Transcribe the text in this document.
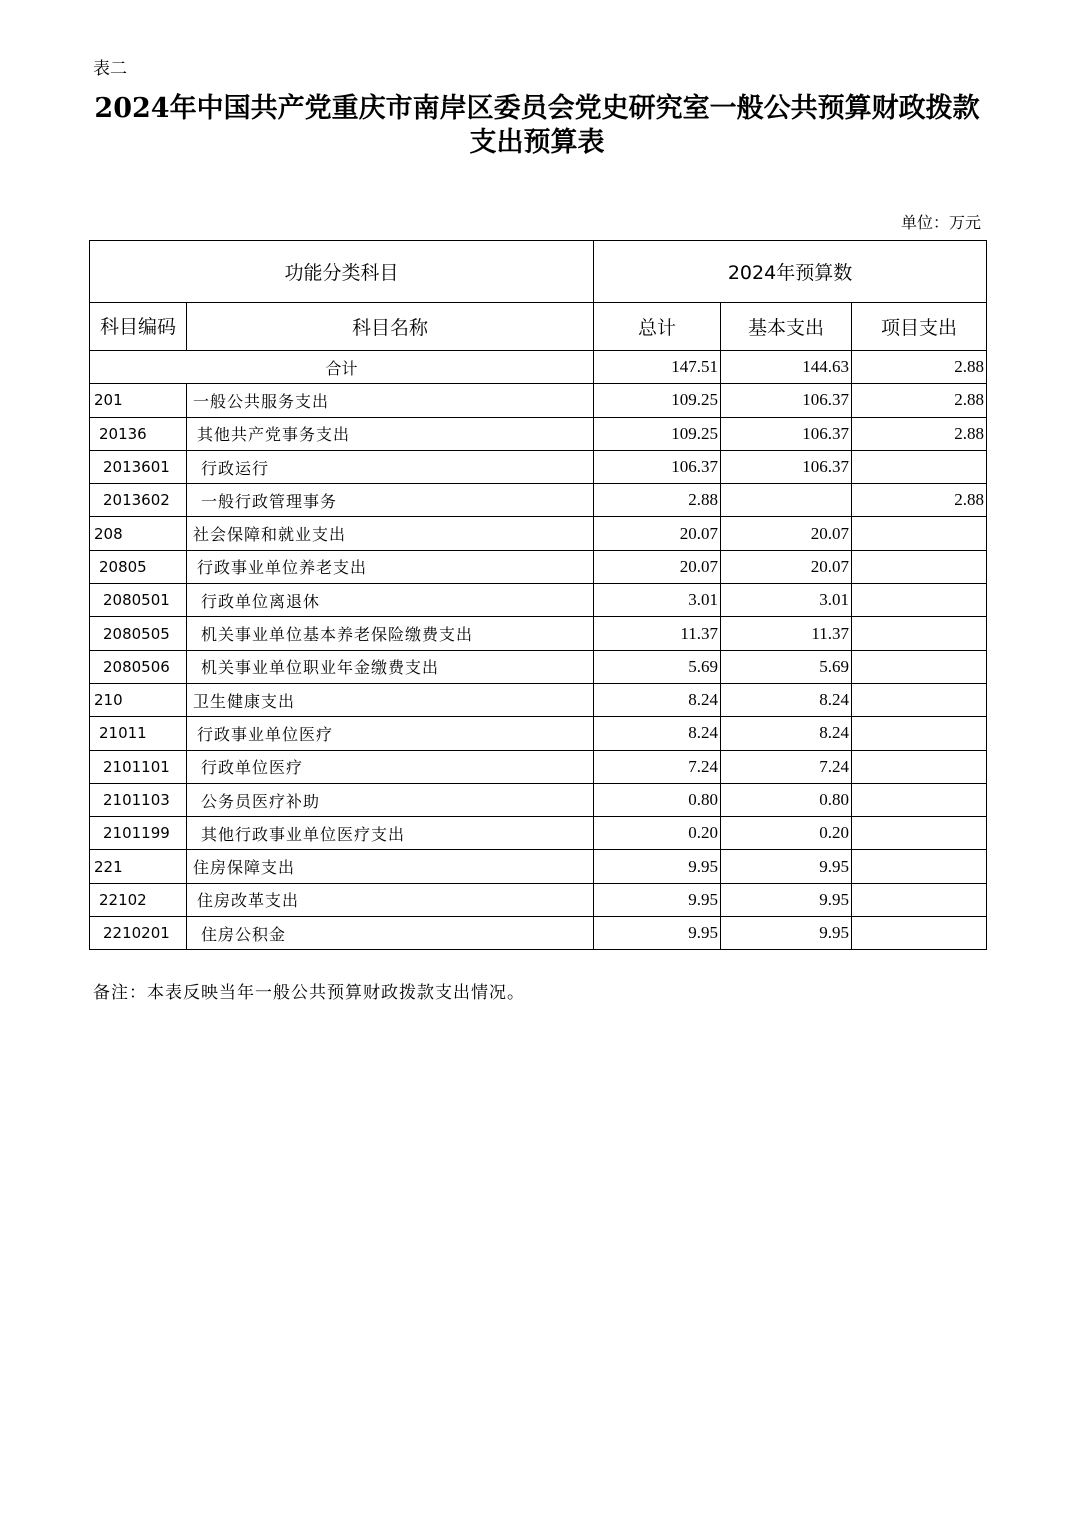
表二
2024年中国共产党重庆市南岸区委员会党史研究室一般公共预算财政拨款
支出预算表
单位：万元
功能分类科目		2024年预算数		
科目编码	科目名称	总计	基本支出	项目支出
合计		147.51	144.63	2.88
201	一般公共服务支出	109.25	106.37	2.88
20136	其他共产党事务支出	109.25	106.37	2.88
2013601	行政运行	106.37	106.37	
2013602	一般行政管理事务	2.88		2.88
208	社会保障和就业支出	20.07	20.07	
20805	行政事业单位养老支出	20.07	20.07	
2080501	行政单位离退休	3.01	3.01	
2080505	机关事业单位基本养老保险缴费支出	11.37	11.37	
2080506	机关事业单位职业年金缴费支出	5.69	5.69	
210	卫生健康支出	8.24	8.24	
21011	行政事业单位医疗	8.24	8.24	
2101101	行政单位医疗	7.24	7.24	
2101103	公务员医疗补助	0.80	0.80	
2101199	其他行政事业单位医疗支出	0.20	0.20	
221	住房保障支出	9.95	9.95	
22102	住房改革支出	9.95	9.95	
2210201	住房公积金	9.95	9.95	
备注：本表反映当年一般公共预算财政拨款支出情况。
